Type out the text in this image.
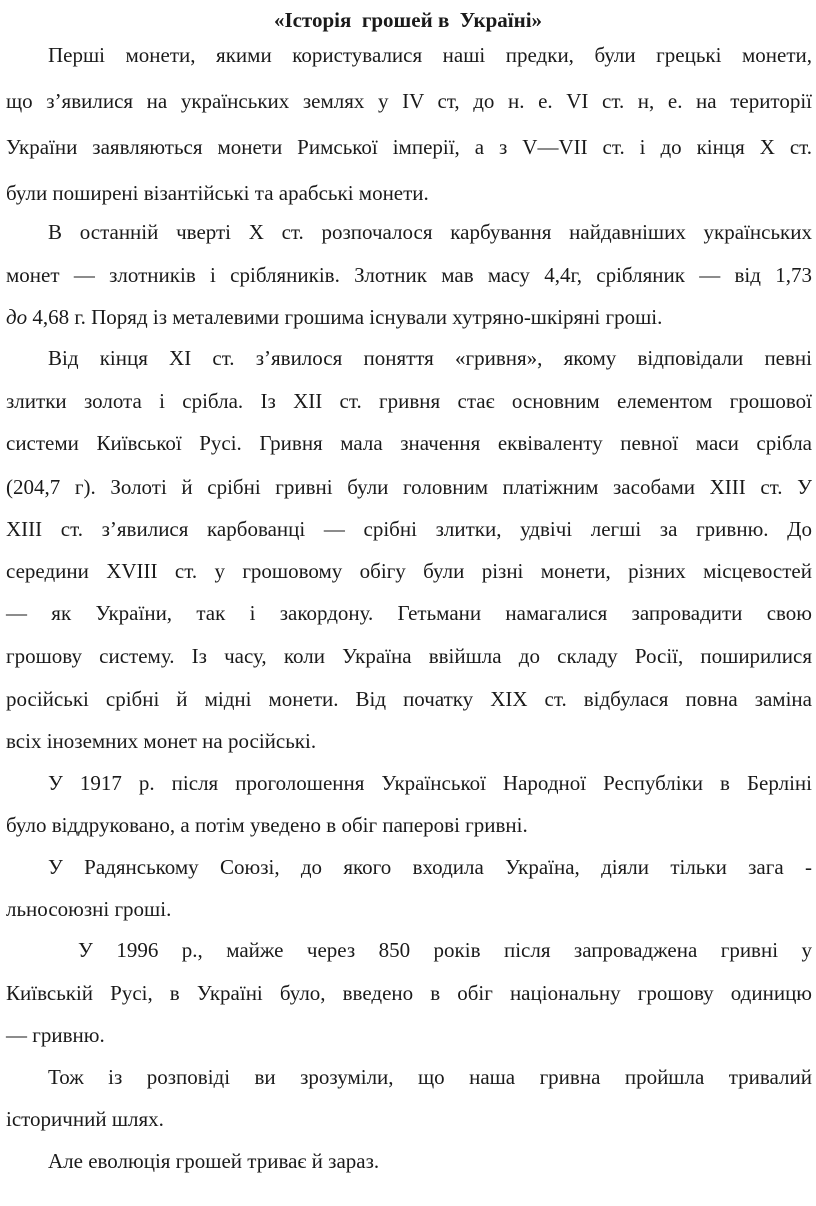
«Історія  грошей в  Україні»
Перші монети, якими користувалися наші предки, були грецькі монети,
що з’явилися на українських землях у IV ст, до н. е. VI ст. н, е. на території
України заявляються монети Римської імперії, а з V—VII ст. і до кінця X ст.
були поширені візантійські та арабські монети.
В останній чверті X ст. розпочалося карбування найдавніших українських
монет — злотників і срібляників. Злотник мав масу 4,4г, срібляник — від 1,73
до 4,68 г. Поряд із металевими грошима існували хутряно-шкіряні гроші.
Від кінця XI ст. з’явилося поняття «гривня», якому відповідали певні
злитки золота і срібла. Із XII ст. гривня стає основним елементом грошової
системи Київської Русі. Гривня мала значення еквіваленту певної маси срібла
(204,7 г). Золоті й срібні гривні були головним платіжним засобами XIII ст. У
XIII ст. з’явилися карбованці — срібні злитки, удвічі легші за гривню. До
середини XVIII ст. у грошовому обігу були різні монети, різних місцевостей
— як України, так і закордону. Гетьмани намагалися запровадити свою
грошову систему. Із часу, коли Україна ввійшла до складу Росії, поширилися
російські срібні й мідні монети. Від початку XIX ст. відбулася повна заміна
всіх іноземних монет на російські.
У 1917 р. після проголошення Української Народної Республіки в Берліні
було віддруковано, а потім уведено в обіг паперові гривні.
У Радянському Союзі, до якого входила Україна, діяли тільки зага -
льносоюзні гроші.
У 1996 р., майже через 850 років після запроваджена гривні у
Київській Русі, в Україні було, введено в обіг національну грошову одиницю
— гривню.
Тож із розповіді ви зрозуміли, що наша гривна пройшла тривалий
історичний шлях.
Але еволюція грошей триває й зараз.
